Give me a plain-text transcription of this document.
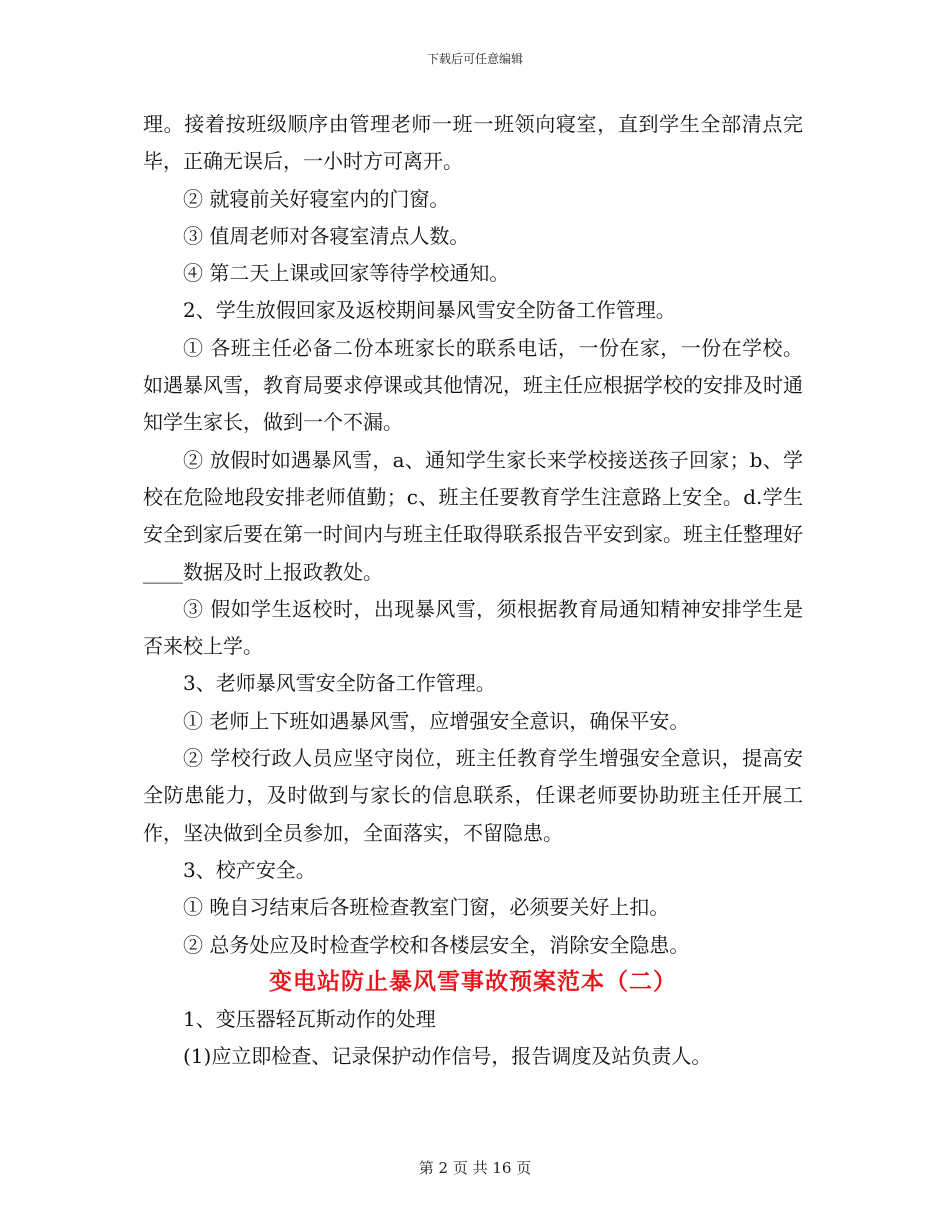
下载后可任意编辑

理。接着按班级顺序由管理老师一班一班领向寝室，直到学生全部清点完毕，正确无误后，一小时方可离开。

② 就寝前关好寝室内的门窗。

③ 值周老师对各寝室清点人数。

④ 第二天上课或回家等待学校通知。

2、学生放假回家及返校期间暴风雪安全防备工作管理。

① 各班主任必备二份本班家长的联系电话，一份在家，一份在学校。如遇暴风雪，教育局要求停课或其他情况，班主任应根据学校的安排及时通知学生家长，做到一个不漏。

② 放假时如遇暴风雪，a、通知学生家长来学校接送孩子回家；b、学校在危险地段安排老师值勤；c、班主任要教育学生注意路上安全。d.学生安全到家后要在第一时间内与班主任取得联系报告平安到家。班主任整理好____数据及时上报政教处。

③ 假如学生返校时，出现暴风雪，须根据教育局通知精神安排学生是否来校上学。

3、老师暴风雪安全防备工作管理。

① 老师上下班如遇暴风雪，应增强安全意识，确保平安。

② 学校行政人员应坚守岗位，班主任教育学生增强安全意识，提高安全防患能力，及时做到与家长的信息联系，任课老师要协助班主任开展工作，坚决做到全员参加，全面落实，不留隐患。

3、校产安全。

① 晚自习结束后各班检查教室门窗，必须要关好上扣。

② 总务处应及时检查学校和各楼层安全，消除安全隐患。

变电站防止暴风雪事故预案范本（二）

1、变压器轻瓦斯动作的处理

(1)应立即检查、记录保护动作信号，报告调度及站负责人。

第 2 页 共 16 页
